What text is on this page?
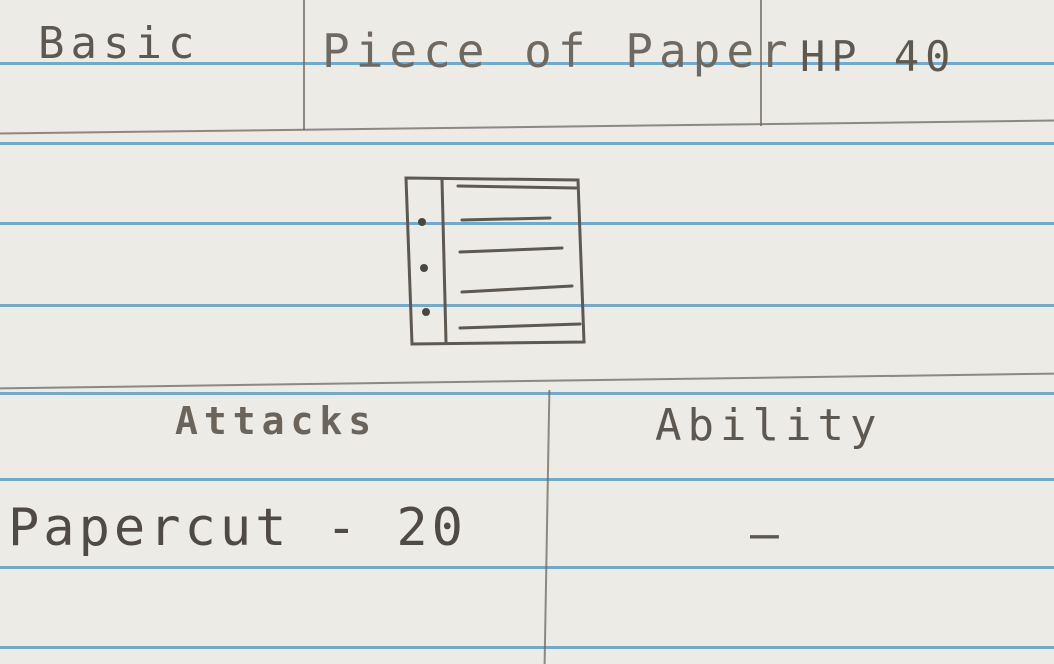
Basic	Piece of Paper HP 40
Attacks	Ability
Papercut - 20	—
